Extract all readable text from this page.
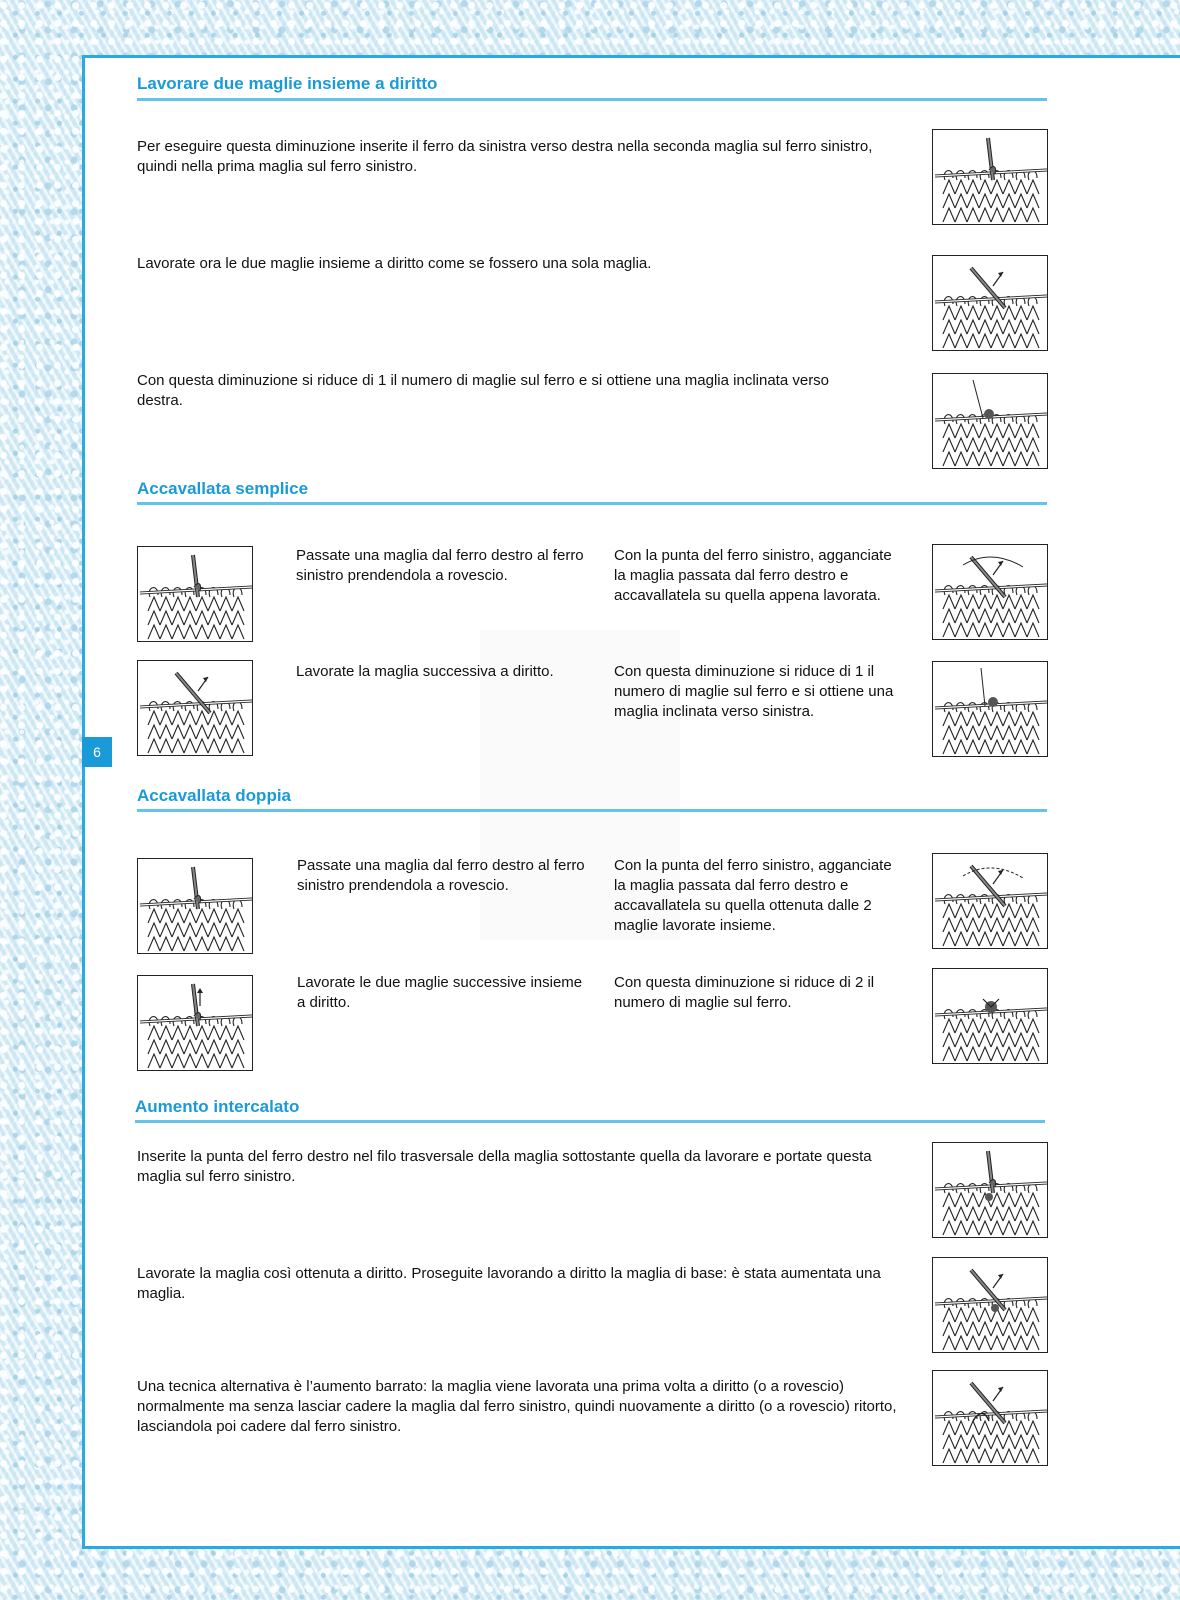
6
Lavorare due maglie insieme a diritto
Per eseguire questa diminuzione inserite il ferro da sinistra verso destra nella seconda maglia sul ferro sinistro, quindi nella prima maglia sul ferro sinistro.
Lavorate ora le due maglie insieme a diritto come se fossero una sola maglia.
Con questa diminuzione si riduce di 1 il numero di maglie sul ferro e si ottiene una maglia inclinata verso destra.
Accavallata semplice
Passate una maglia dal ferro destro al ferro sinistro prendendola a rovescio.
Con la punta del ferro sinistro, agganciate la maglia passata dal ferro destro e accavallatela su quella appena lavorata.
Lavorate la maglia successiva a diritto.	Con questa diminuzione si riduce di 1 il numero di maglie sul ferro e si ottiene una maglia inclinata verso sinistra.
Accavallata doppia
Passate una maglia dal ferro destro al ferro sinistro prendendola a rovescio.
Con la punta del ferro sinistro, agganciate la maglia passata dal ferro destro e accavallatela su quella ottenuta dalle 2 maglie lavorate insieme.
Lavorate le due maglie successive insieme a diritto.
Con questa diminuzione si riduce di 2 il numero di maglie sul ferro.
Aumento intercalato
Inserite la punta del ferro destro nel filo trasversale della maglia sottostante quella da lavorare e portate questa maglia sul ferro sinistro.
Lavorate la maglia così ottenuta a diritto. Proseguite lavorando a diritto la maglia di base: è stata aumentata una maglia.
Una tecnica alternativa è l’aumento barrato: la maglia viene lavorata una prima volta a diritto (o a rovescio) normalmente ma senza lasciar cadere la maglia dal ferro sinistro, quindi nuovamente a diritto (o a rovescio) ritorto, lasciandola poi cadere dal ferro sinistro.
